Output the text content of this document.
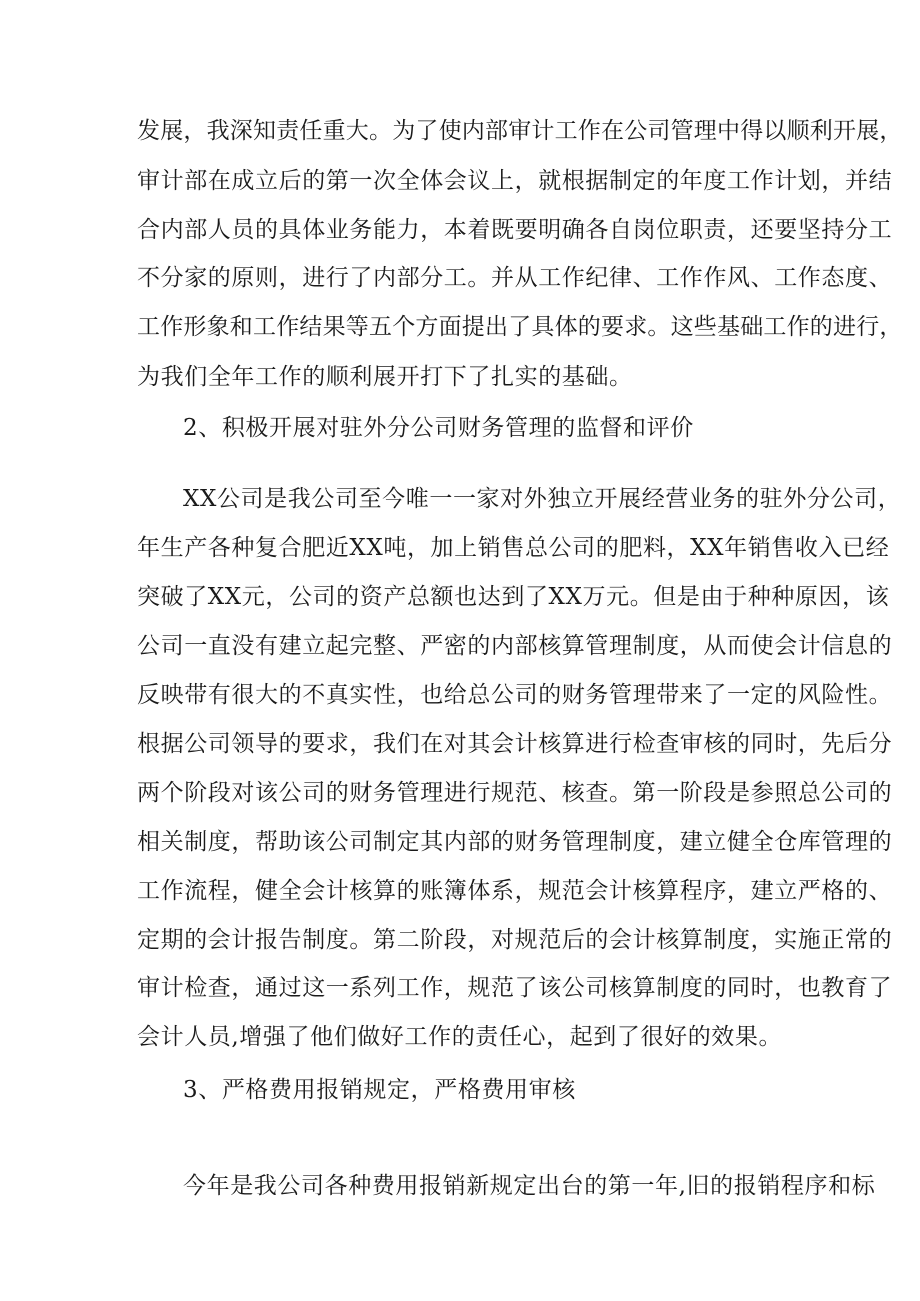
发展，我深知责任重大。为了使内部审计工作在公司管理中得以顺利开展，
审计部在成立后的第一次全体会议上，就根据制定的年度工作计划，并结
合内部人员的具体业务能力，本着既要明确各自岗位职责，还要坚持分工
不分家的原则，进行了内部分工。并从工作纪律、工作作风、工作态度、
工作形象和工作结果等五个方面提出了具体的要求。这些基础工作的进行，
为我们全年工作的顺利展开打下了扎实的基础。
2、积极开展对驻外分公司财务管理的监督和评价
XX公司是我公司至今唯一一家对外独立开展经营业务的驻外分公司，
年生产各种复合肥近XX吨，加上销售总公司的肥料，XX年销售收入已经
突破了XX元，公司的资产总额也达到了XX万元。但是由于种种原因，该
公司一直没有建立起完整、严密的内部核算管理制度，从而使会计信息的
反映带有很大的不真实性，也给总公司的财务管理带来了一定的风险性。
根据公司领导的要求，我们在对其会计核算进行检查审核的同时，先后分
两个阶段对该公司的财务管理进行规范、核查。第一阶段是参照总公司的
相关制度，帮助该公司制定其内部的财务管理制度，建立健全仓库管理的
工作流程，健全会计核算的账簿体系，规范会计核算程序，建立严格的、
定期的会计报告制度。第二阶段，对规范后的会计核算制度，实施正常的
审计检查，通过这一系列工作，规范了该公司核算制度的同时，也教育了
会计人员,增强了他们做好工作的责任心，起到了很好的效果。
3、严格费用报销规定，严格费用审核
今年是我公司各种费用报销新规定出台的第一年,旧的报销程序和标
